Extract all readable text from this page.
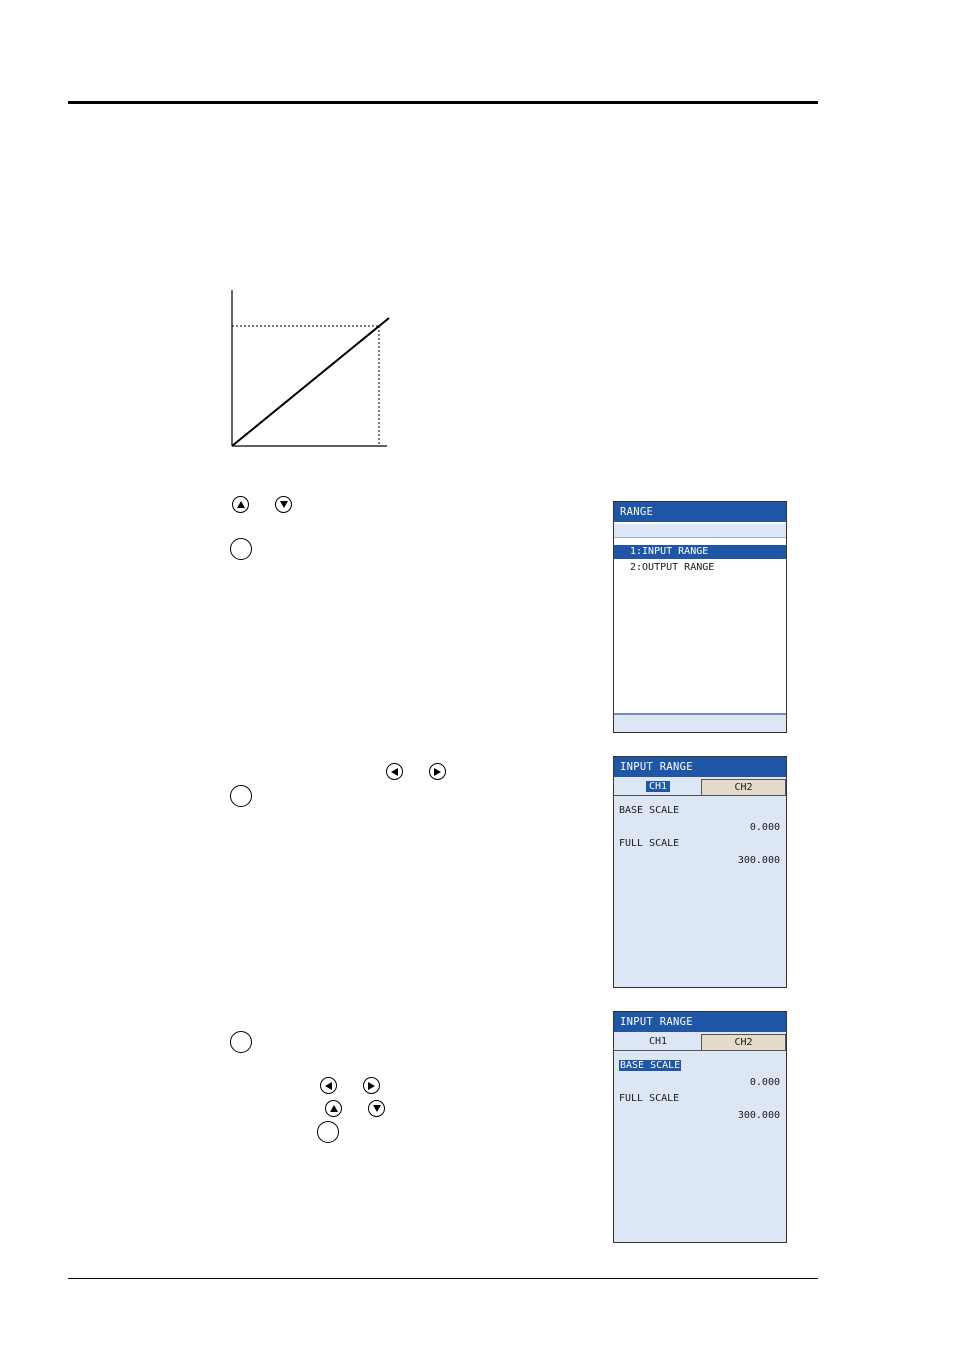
RANGE
1:INPUT RANGE
2:OUTPUT RANGE
INPUT RANGE
CH1	CH2
BASE SCALE
0.000
FULL SCALE
300.000
INPUT RANGE
CH1	CH2
BASE SCALE
0.000
FULL SCALE
300.000
